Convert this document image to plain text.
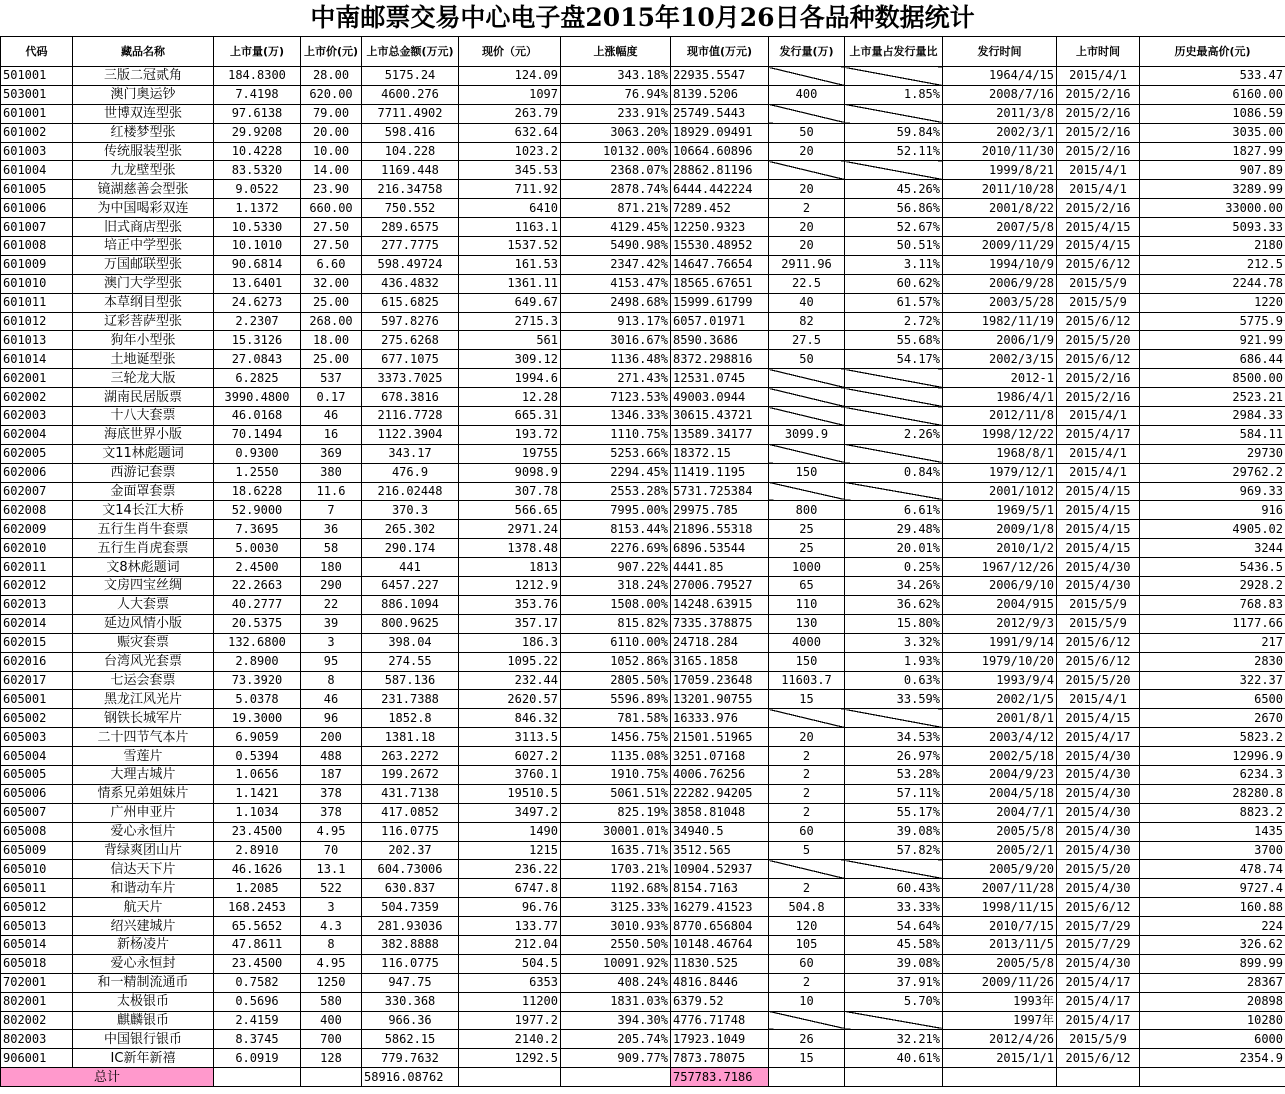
中南邮票交易中心电子盘2015年10月26日各品种数据统计
代码	藏品名称	上市量(万)	上市价(元)	上市总金额(万元)	现价（元）	上涨幅度	现市值(万元)	发行量(万)	上市量占发行量比	发行时间	上市时间	历史最高价(元)
501001	三版二冠贰角	184.8300	28.00	5175.24	124.09	343.18%	22935.5547			1964/4/15	2015/4/1	533.47
503001	澳门奥运钞	7.4198	620.00	4600.276	1097	76.94%	8139.5206	400	1.85%	2008/7/16	2015/2/16	6160.00
601001	世博双连型张	97.6138	79.00	7711.4902	263.79	233.91%	25749.5443			2011/3/8	2015/2/16	1086.59
601002	红楼梦型张	29.9208	20.00	598.416	632.64	3063.20%	18929.09491	50	59.84%	2002/3/1	2015/2/16	3035.00
601003	传统服装型张	10.4228	10.00	104.228	1023.2	10132.00%	10664.60896	20	52.11%	2010/11/30	2015/2/16	1827.99
601004	九龙壁型张	83.5320	14.00	1169.448	345.53	2368.07%	28862.81196			1999/8/21	2015/4/1	907.89
601005	镜湖慈善会型张	9.0522	23.90	216.34758	711.92	2878.74%	6444.442224	20	45.26%	2011/10/28	2015/4/1	3289.99
601006	为中国喝彩双连	1.1372	660.00	750.552	6410	871.21%	7289.452	2	56.86%	2001/8/22	2015/2/16	33000.00
601007	旧式商店型张	10.5330	27.50	289.6575	1163.1	4129.45%	12250.9323	20	52.67%	2007/5/8	2015/4/15	5093.33
601008	培正中学型张	10.1010	27.50	277.7775	1537.52	5490.98%	15530.48952	20	50.51%	2009/11/29	2015/4/15	2180
601009	万国邮联型张	90.6814	6.60	598.49724	161.53	2347.42%	14647.76654	2911.96	3.11%	1994/10/9	2015/6/12	212.5
601010	澳门大学型张	13.6401	32.00	436.4832	1361.11	4153.47%	18565.67651	22.5	60.62%	2006/9/28	2015/5/9	2244.78
601011	本草纲目型张	24.6273	25.00	615.6825	649.67	2498.68%	15999.61799	40	61.57%	2003/5/28	2015/5/9	1220
601012	辽彩菩萨型张	2.2307	268.00	597.8276	2715.3	913.17%	6057.01971	82	2.72%	1982/11/19	2015/6/12	5775.9
601013	狗年小型张	15.3126	18.00	275.6268	561	3016.67%	8590.3686	27.5	55.68%	2006/1/9	2015/5/20	921.99
601014	土地诞型张	27.0843	25.00	677.1075	309.12	1136.48%	8372.298816	50	54.17%	2002/3/15	2015/6/12	686.44
602001	三轮龙大版	6.2825	537	3373.7025	1994.6	271.43%	12531.0745			2012-1	2015/2/16	8500.00
602002	湖南民居版票	3990.4800	0.17	678.3816	12.28	7123.53%	49003.0944			1986/4/1	2015/2/16	2523.21
602003	十八大套票	46.0168	46	2116.7728	665.31	1346.33%	30615.43721			2012/11/8	2015/4/1	2984.33
602004	海底世界小版	70.1494	16	1122.3904	193.72	1110.75%	13589.34177	3099.9	2.26%	1998/12/22	2015/4/17	584.11
602005	文11林彪题词	0.9300	369	343.17	19755	5253.66%	18372.15			1968/8/1	2015/4/1	29730
602006	西游记套票	1.2550	380	476.9	9098.9	2294.45%	11419.1195	150	0.84%	1979/12/1	2015/4/1	29762.2
602007	金面罩套票	18.6228	11.6	216.02448	307.78	2553.28%	5731.725384			2001/1012	2015/4/15	969.33
602008	文14长江大桥	52.9000	7	370.3	566.65	7995.00%	29975.785	800	6.61%	1969/5/1	2015/4/15	916
602009	五行生肖牛套票	7.3695	36	265.302	2971.24	8153.44%	21896.55318	25	29.48%	2009/1/8	2015/4/15	4905.02
602010	五行生肖虎套票	5.0030	58	290.174	1378.48	2276.69%	6896.53544	25	20.01%	2010/1/2	2015/4/15	3244
602011	文8林彪题词	2.4500	180	441	1813	907.22%	4441.85	1000	0.25%	1967/12/26	2015/4/30	5436.5
602012	文房四宝丝绸	22.2663	290	6457.227	1212.9	318.24%	27006.79527	65	34.26%	2006/9/10	2015/4/30	2928.2
602013	人大套票	40.2777	22	886.1094	353.76	1508.00%	14248.63915	110	36.62%	2004/915	2015/5/9	768.83
602014	延边风情小版	20.5375	39	800.9625	357.17	815.82%	7335.378875	130	15.80%	2012/9/3	2015/5/9	1177.66
602015	赈灾套票	132.6800	3	398.04	186.3	6110.00%	24718.284	4000	3.32%	1991/9/14	2015/6/12	217
602016	台湾风光套票	2.8900	95	274.55	1095.22	1052.86%	3165.1858	150	1.93%	1979/10/20	2015/6/12	2830
602017	七运会套票	73.3920	8	587.136	232.44	2805.50%	17059.23648	11603.7	0.63%	1993/9/4	2015/5/20	322.37
605001	黑龙江风光片	5.0378	46	231.7388	2620.57	5596.89%	13201.90755	15	33.59%	2002/1/5	2015/4/1	6500
605002	钢铁长城军片	19.3000	96	1852.8	846.32	781.58%	16333.976			2001/8/1	2015/4/15	2670
605003	二十四节气本片	6.9059	200	1381.18	3113.5	1456.75%	21501.51965	20	34.53%	2003/4/12	2015/4/17	5823.2
605004	雪莲片	0.5394	488	263.2272	6027.2	1135.08%	3251.07168	2	26.97%	2002/5/18	2015/4/30	12996.9
605005	大理古城片	1.0656	187	199.2672	3760.1	1910.75%	4006.76256	2	53.28%	2004/9/23	2015/4/30	6234.3
605006	情系兄弟姐妹片	1.1421	378	431.7138	19510.5	5061.51%	22282.94205	2	57.11%	2004/5/18	2015/4/30	28280.8
605007	广州申亚片	1.1034	378	417.0852	3497.2	825.19%	3858.81048	2	55.17%	2004/7/1	2015/4/30	8823.2
605008	爱心永恒片	23.4500	4.95	116.0775	1490	30001.01%	34940.5	60	39.08%	2005/5/8	2015/4/30	1435
605009	背绿爽团山片	2.8910	70	202.37	1215	1635.71%	3512.565	5	57.82%	2005/2/1	2015/4/30	3700
605010	信达天下片	46.1626	13.1	604.73006	236.22	1703.21%	10904.52937			2005/9/20	2015/5/20	478.74
605011	和谐动车片	1.2085	522	630.837	6747.8	1192.68%	8154.7163	2	60.43%	2007/11/28	2015/4/30	9727.4
605012	航天片	168.2453	3	504.7359	96.76	3125.33%	16279.41523	504.8	33.33%	1998/11/15	2015/6/12	160.88
605013	绍兴建城片	65.5652	4.3	281.93036	133.77	3010.93%	8770.656804	120	54.64%	2010/7/15	2015/7/29	224
605014	新杨凌片	47.8611	8	382.8888	212.04	2550.50%	10148.46764	105	45.58%	2013/11/5	2015/7/29	326.62
605018	爱心永恒封	23.4500	4.95	116.0775	504.5	10091.92%	11830.525	60	39.08%	2005/5/8	2015/4/30	899.99
702001	和一精制流通币	0.7582	1250	947.75	6353	408.24%	4816.8446	2	37.91%	2009/11/26	2015/4/17	28367
802001	太极银币	0.5696	580	330.368	11200	1831.03%	6379.52	10	5.70%	1993年	2015/4/17	20898
802002	麒麟银币	2.4159	400	966.36	1977.2	394.30%	4776.71748			1997年	2015/4/17	10280
802003	中国银行银币	8.3745	700	5862.15	2140.2	205.74%	17923.1049	26	32.21%	2012/4/26	2015/5/9	6000
906001	IC新年新禧	6.0919	128	779.7632	1292.5	909.77%	7873.78075	15	40.61%	2015/1/1	2015/6/12	2354.9
总计				58916.08762			757783.7186					
